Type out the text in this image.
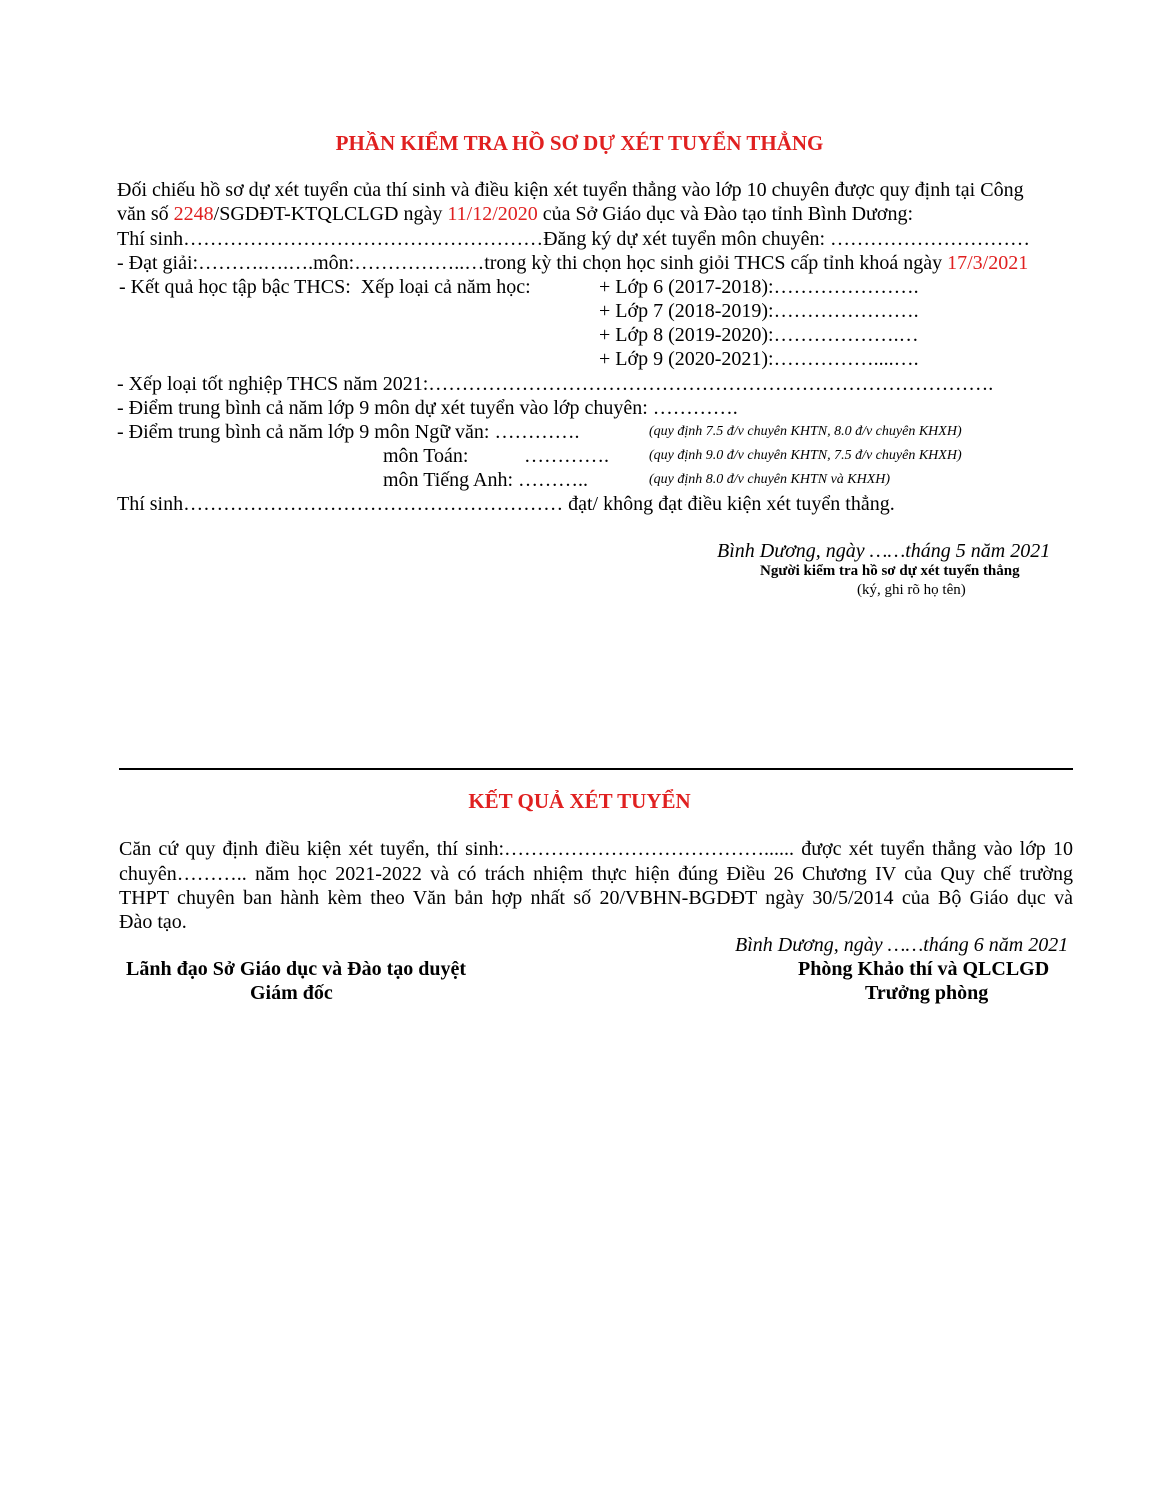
PHẦN KIỂM TRA HỒ SƠ DỰ XÉT TUYỂN THẲNG
Đối chiếu hồ sơ dự xét tuyển của thí sinh và điều kiện xét tuyển thẳng vào lớp 10 chuyên được quy định tại Công
văn số 2248/SGDĐT-KTQLCLGD ngày 11/12/2020 của Sở Giáo dục và Đào tạo tỉnh Bình Dương:
Thí sinh………………………………………………Đăng ký dự xét tuyển môn chuyên: …………………………
- Đạt giải:……….….….môn:……………..…trong kỳ thi chọn học sinh giỏi THCS cấp tỉnh khoá ngày 17/3/2021
- Kết quả học tập bậc THCS:  Xếp loại cả năm học:	+ Lớp 6 (2017-2018):………………….
+ Lớp 7 (2018-2019):………………….
+ Lớp 8 (2019-2020):……………….…
+ Lớp 9 (2020-2021):……………....….
- Xếp loại tốt nghiệp THCS năm 2021:………………………………………………………………………….
- Điểm trung bình cả năm lớp 9 môn dự xét tuyển vào lớp chuyên: ………….
- Điểm trung bình cả năm lớp 9 môn Ngữ văn: ………….	(quy định 7.5 đ/v chuyên KHTN, 8.0 đ/v chuyên KHXH)
môn Toán:	………….	(quy định 9.0 đ/v chuyên KHTN, 7.5 đ/v chuyên KHXH)
môn Tiếng Anh: ………..	(quy định 8.0 đ/v chuyên KHTN và KHXH)
Thí sinh………………………………………………… đạt/ không đạt điều kiện xét tuyển thẳng.
Bình Dương, ngày ……tháng 5 năm 2021
Người kiểm tra hồ sơ dự xét tuyển thẳng
(ký, ghi rõ họ tên)
KẾT QUẢ XÉT TUYỂN
Căn cứ quy định điều kiện xét tuyển, thí sinh:…………………………………...... được xét tuyển thẳng vào lớp 10
chuyên……….. năm học 2021-2022 và có trách nhiệm thực hiện đúng Điều 26 Chương IV của Quy chế trường
THPT chuyên ban hành kèm theo Văn bản hợp nhất số 20/VBHN-BGDĐT ngày 30/5/2014 của Bộ Giáo dục và
Đào tạo.
Bình Dương, ngày ……tháng 6 năm 2021
Lãnh đạo Sở Giáo dục và Đào tạo duyệt
Giám đốc
Phòng Khảo thí và QLCLGD
Trưởng phòng
